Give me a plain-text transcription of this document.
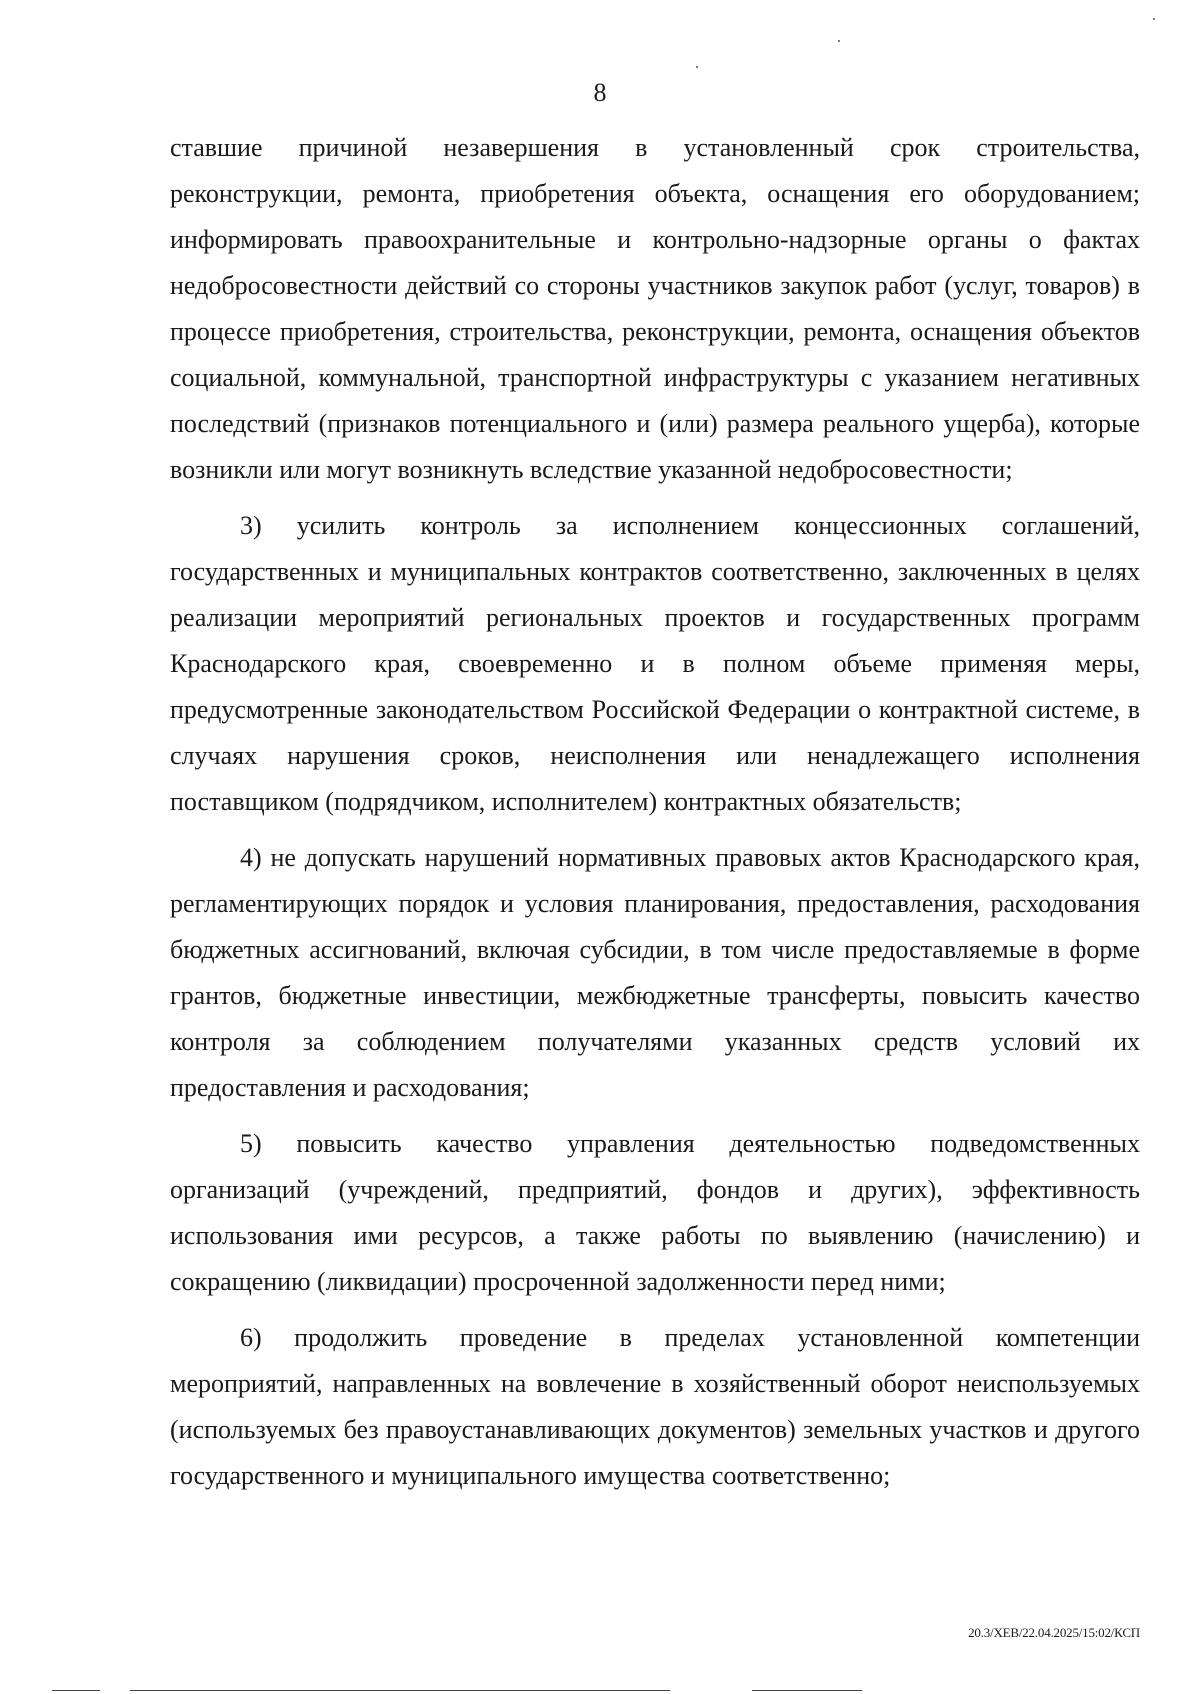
8

ставшие причиной незавершения в установленный срок строительства, реконструкции, ремонта, приобретения объекта, оснащения его оборудованием; информировать правоохранительные и контрольно-надзорные органы о фактах недобросовестности действий со стороны участников закупок работ (услуг, товаров) в процессе приобретения, строительства, реконструкции, ремонта, оснащения объектов социальной, коммунальной, транспортной инфраструктуры с указанием негативных последствий (признаков потенциального и (или) размера реального ущерба), которые возникли или могут возникнуть вследствие указанной недобросовестности;

3) усилить контроль за исполнением концессионных соглашений, государственных и муниципальных контрактов соответственно, заключенных в целях реализации мероприятий региональных проектов и государственных программ Краснодарского края, своевременно и в полном объеме применяя меры, предусмотренные законодательством Российской Федерации о контрактной системе, в случаях нарушения сроков, неисполнения или ненадлежащего исполнения поставщиком (подрядчиком, исполнителем) контрактных обязательств;

4) не допускать нарушений нормативных правовых актов Краснодарского края, регламентирующих порядок и условия планирования, предоставления, расходования бюджетных ассигнований, включая субсидии, в том числе предоставляемые в форме грантов, бюджетные инвестиции, межбюджетные трансферты, повысить качество контроля за соблюдением получателями указанных средств условий их предоставления и расходования;

5) повысить качество управления деятельностью подведомственных организаций (учреждений, предприятий, фондов и других), эффективность использования ими ресурсов, а также работы по выявлению (начислению) и сокращению (ликвидации) просроченной задолженности перед ними;

6) продолжить проведение в пределах установленной компетенции мероприятий, направленных на вовлечение в хозяйственный оборот неиспользуемых (используемых без правоустанавливающих документов) земельных участков и другого государственного и муниципального имущества соответственно;

20.3/ХЕВ/22.04.2025/15:02/КСП
